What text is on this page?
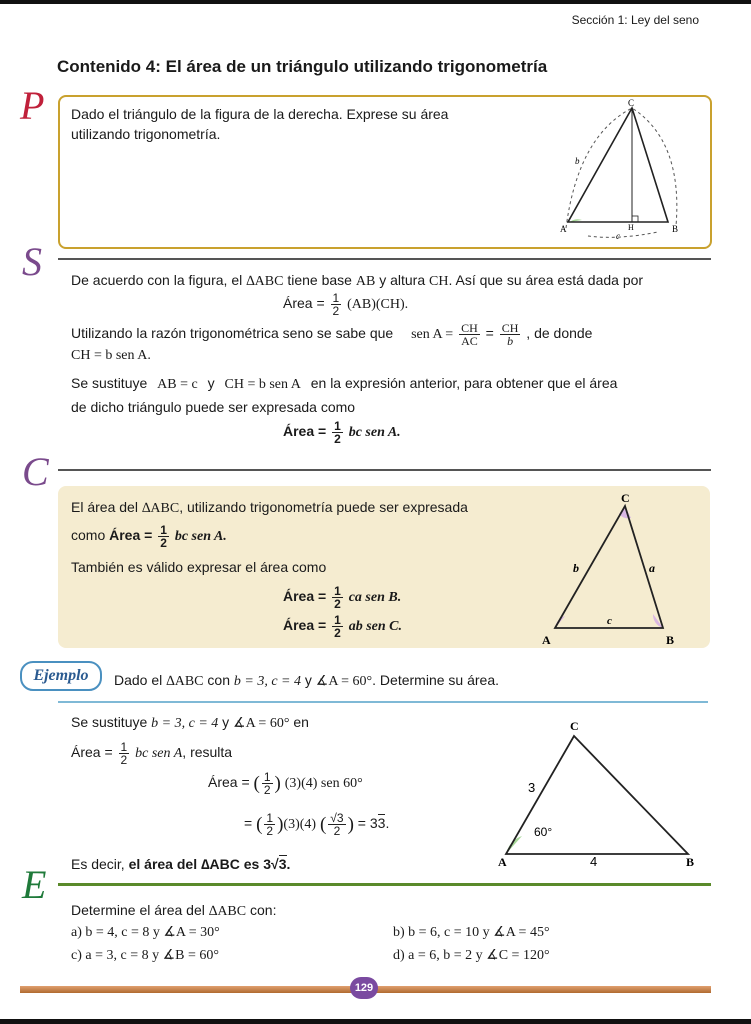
Sección 1: Ley del seno
Contenido 4: El área de un triángulo utilizando trigonometría
P Dado el triángulo de la figura de la derecha. Exprese su área utilizando trigonometría.
C
A	B
H
b
c
S De acuerdo con la figura, el ∆ABC tiene base AB y altura CH. Así que su área está dada por
Área = $\frac{1}{2} (AB)(CH)$.
Utilizando la razón trigonométrica seno se sabe que sen $A = \frac{CH}{AC} = \frac{CH}{b}$ , de donde
CH = b sen A.
Se sustituye AB = c y CH = b sen A en la expresión anterior, para obtener que el área
de dicho triángulo puede ser expresada como
Área = $\frac{1}{2}$ bc sen A.
C
El área del ∆ABC, utilizando trigonometría puede ser expresada
como Área = $\frac{1}{2}$ bc sen A.
También es válido expresar el área como
Área = $\frac{1}{2}$ ca sen B.
Área = $\frac{1}{2}$ ab sen C.
C
A	B
a
b
c
Ejemplo	Dado el ∆ABC con b = 3, c = 4 y ∡A = 60°. Determine su área.
Se sustituye b = 3, c = 4 y ∡A = 60° en
Área = $\frac{1}{2}$ bc sen A, resulta
Área = ( $\frac{1}{2}$ ) (3)(4) sen 60°
= ( $\frac{1}{2} )(3)(4)$ ( $\frac{√3}{2}$ ) = 33.
Es decir, el área del ∆ABC es 3√3.
C
A	B
3
4
60°
E
Determine el área del ∆ABC con:
a) b = 4, c = 8 y ∡A = 30°	b) b = 6, c = 10 y ∡A = 45°
c) a = 3, c = 8 y ∡B = 60°	d) a = 6, b = 2 y ∡C = 120°
129
